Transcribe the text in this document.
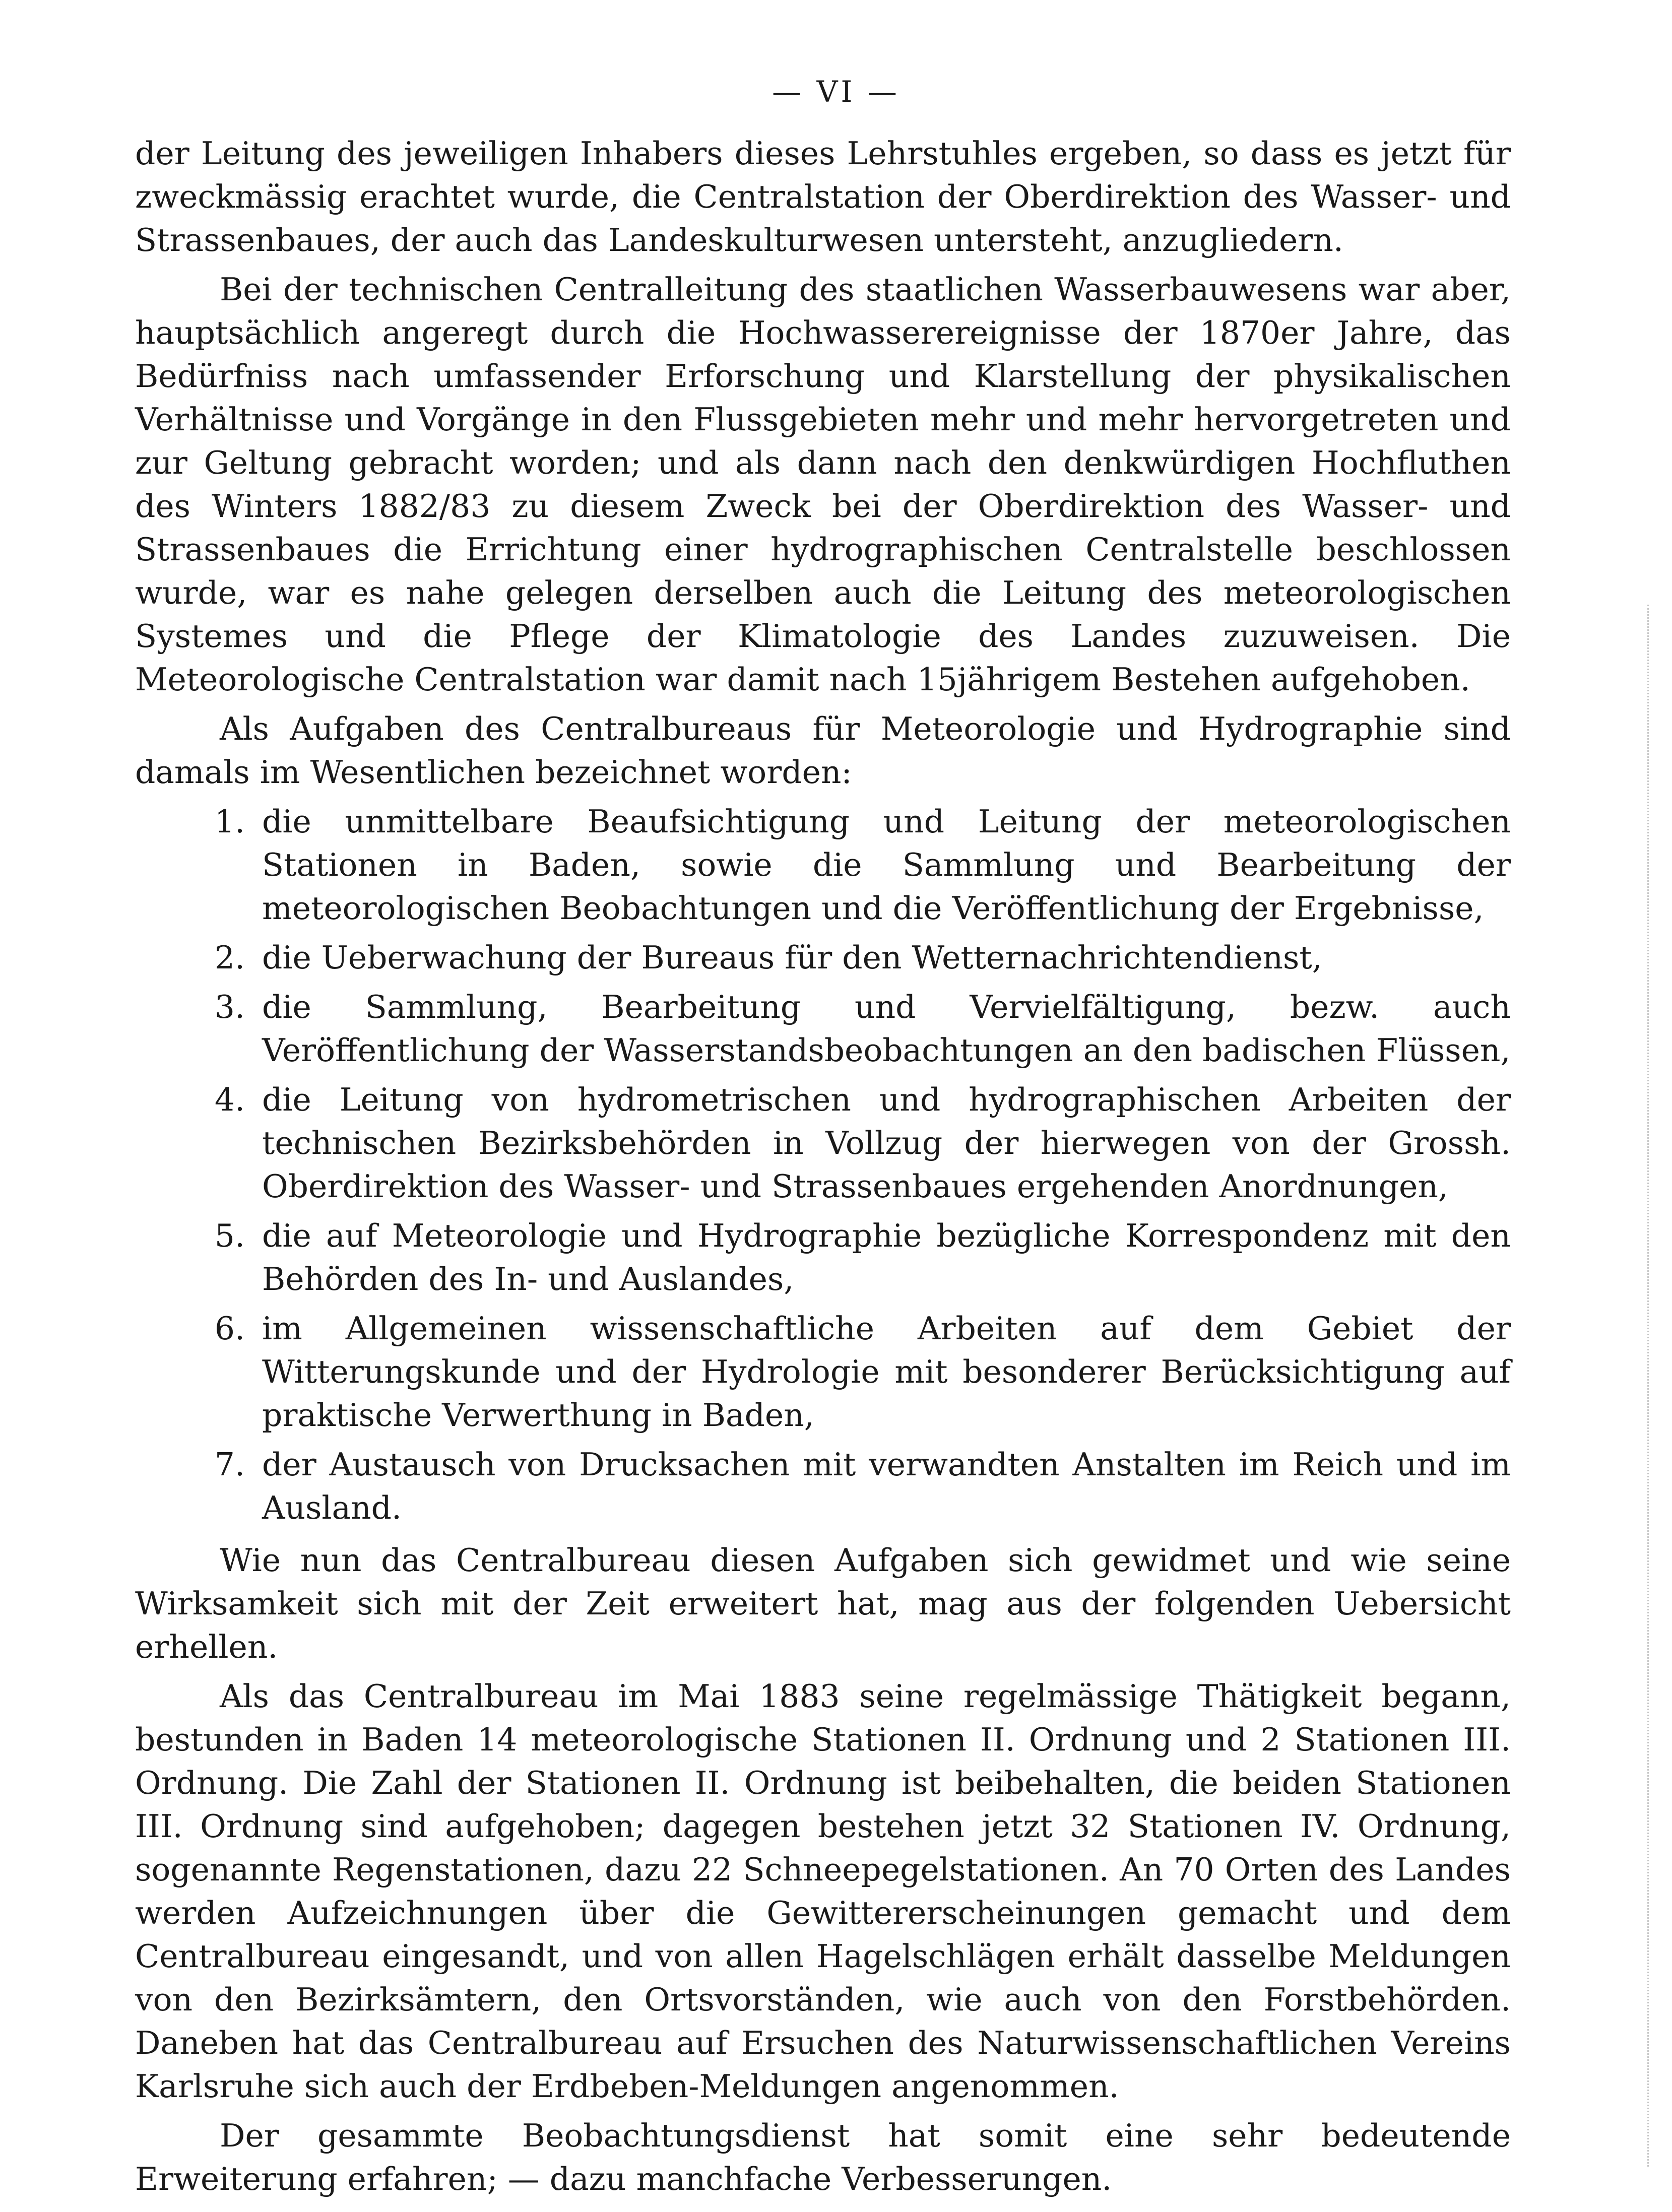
— VI —

der Leitung des jeweiligen Inhabers dieses Lehrstuhles ergeben, so dass es jetzt für zweckmässig erachtet wurde, die Centralstation der Oberdirektion des Wasser- und Strassenbaues, der auch das Landeskulturwesen untersteht, anzugliedern.

Bei der technischen Centralleitung des staatlichen Wasserbauwesens war aber, hauptsächlich angeregt durch die Hochwasserereignisse der 1870er Jahre, das Bedürfniss nach umfassender Erforschung und Klarstellung der physikalischen Verhältnisse und Vorgänge in den Flussgebieten mehr und mehr hervorgetreten und zur Geltung gebracht worden; und als dann nach den denkwürdigen Hochfluthen des Winters 1882/83 zu diesem Zweck bei der Oberdirektion des Wasser- und Strassenbaues die Errichtung einer hydrographischen Centralstelle beschlossen wurde, war es nahe gelegen derselben auch die Leitung des meteorologischen Systemes und die Pflege der Klimatologie des Landes zuzuweisen. Die Meteorologische Centralstation war damit nach 15jährigem Bestehen aufgehoben.

Als Aufgaben des Centralbureaus für Meteorologie und Hydrographie sind damals im Wesentlichen bezeichnet worden:

1. die unmittelbare Beaufsichtigung und Leitung der meteorologischen Stationen in Baden, sowie die Sammlung und Bearbeitung der meteorologischen Beobachtungen und die Veröffentlichung der Ergebnisse,
2. die Ueberwachung der Bureaus für den Wetternachrichtendienst,
3. die Sammlung, Bearbeitung und Vervielfältigung, bezw. auch Veröffentlichung der Wasserstandsbeobachtungen an den badischen Flüssen,
4. die Leitung von hydrometrischen und hydrographischen Arbeiten der technischen Bezirksbehörden in Vollzug der hierwegen von der Grossh. Oberdirektion des Wasser- und Strassenbaues ergehenden Anordnungen,
5. die auf Meteorologie und Hydrographie bezügliche Korrespondenz mit den Behörden des In- und Auslandes,
6. im Allgemeinen wissenschaftliche Arbeiten auf dem Gebiet der Witterungskunde und der Hydrologie mit besonderer Berücksichtigung auf praktische Verwerthung in Baden,
7. der Austausch von Drucksachen mit verwandten Anstalten im Reich und im Ausland.

Wie nun das Centralbureau diesen Aufgaben sich gewidmet und wie seine Wirksamkeit sich mit der Zeit erweitert hat, mag aus der folgenden Uebersicht erhellen.

Als das Centralbureau im Mai 1883 seine regelmässige Thätigkeit begann, bestunden in Baden 14 meteorologische Stationen II. Ordnung und 2 Stationen III. Ordnung. Die Zahl der Stationen II. Ordnung ist beibehalten, die beiden Stationen III. Ordnung sind aufgehoben; dagegen bestehen jetzt 32 Stationen IV. Ordnung, sogenannte Regenstationen, dazu 22 Schneepegelstationen. An 70 Orten des Landes werden Aufzeichnungen über die Gewittererscheinungen gemacht und dem Centralbureau eingesandt, und von allen Hagelschlägen erhält dasselbe Meldungen von den Bezirksämtern, den Ortsvorständen, wie auch von den Forstbehörden. Daneben hat das Centralbureau auf Ersuchen des Naturwissenschaftlichen Vereins Karlsruhe sich auch der Erdbeben-Meldungen angenommen.

Der gesammte Beobachtungsdienst hat somit eine sehr bedeutende Erweiterung erfahren; — dazu manchfache Verbesserungen.
